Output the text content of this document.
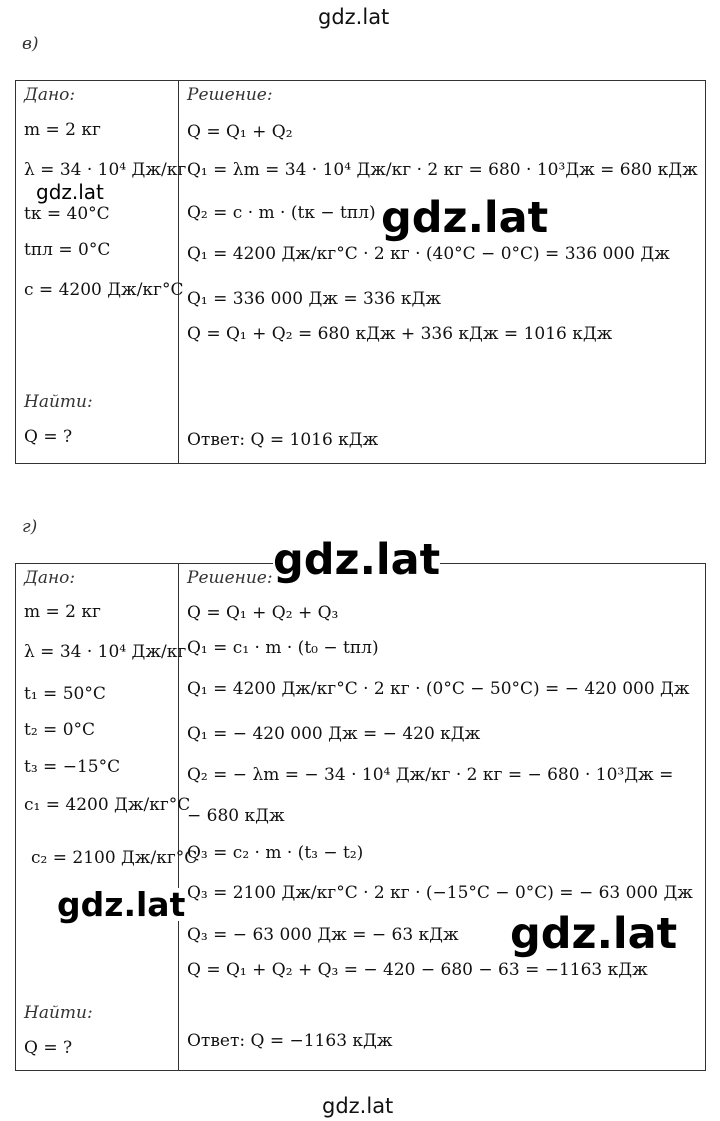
gdz.lat
в)
Дано:
m = 2 кг
λ = 34 · 10⁴ Дж/кг
tк = 40°С
tпл = 0°С
c = 4200 Дж/кг°С
Найти:
Q = ?
Решение:
Q = Q₁ + Q₂
Q₁ = λm = 34 · 10⁴ Дж/кг · 2 кг = 680 · 10³Дж = 680 кДж
Q₂ = c · m · (tк − tпл)
Q₁ = 4200 Дж/кг°С · 2 кг · (40°С − 0°С) = 336 000 Дж
Q₁ = 336 000 Дж = 336 кДж
Q = Q₁ + Q₂ = 680 кДж + 336 кДж = 1016 кДж
Ответ: Q = 1016 кДж
gdz.lat
gdz.lat
г)
Дано:
m = 2 кг
λ = 34 · 10⁴ Дж/кг
t₁ = 50°С
t₂ = 0°С
t₃ = −15°С
c₁ = 4200 Дж/кг°С
c₂ = 2100 Дж/кг°С
Найти:
Q = ?
Решение:
Q = Q₁ + Q₂ + Q₃
Q₁ = c₁ · m · (t₀ − tпл)
Q₁ = 4200 Дж/кг°С · 2 кг · (0°С − 50°С) = − 420 000 Дж
Q₁ = − 420 000 Дж = − 420 кДж
Q₂ = − λm = − 34 · 10⁴ Дж/кг · 2 кг = − 680 · 10³Дж =
− 680 кДж
Q₃ = c₂ · m · (t₃ − t₂)
Q₃ = 2100 Дж/кг°С · 2 кг · (−15°С − 0°С) = − 63 000 Дж
Q₃ = − 63 000 Дж = − 63 кДж
Q = Q₁ + Q₂ + Q₃ = − 420 − 680 − 63 = −1163 кДж
Ответ: Q = −1163 кДж
gdz.lat
gdz.lat
gdz.lat
gdz.lat
